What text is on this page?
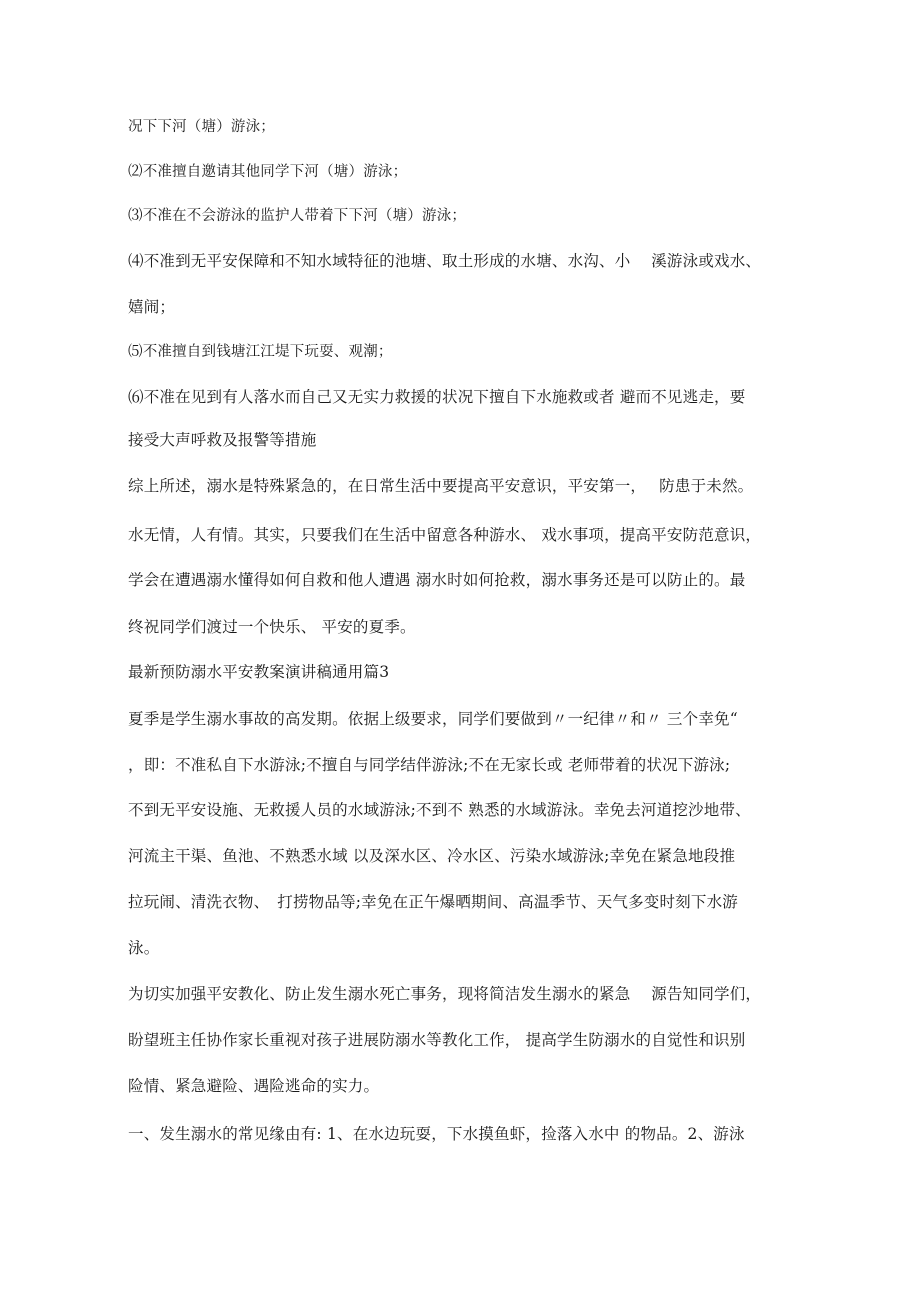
况下下河（塘）游泳；

⑵不准擅自邀请其他同学下河（塘）游泳；

⑶不准在不会游泳的监护人带着下下河（塘）游泳；

⑷不准到无平安保障和不知水域特征的池塘、取土形成的水塘、水沟、小　 溪游泳或戏水、

嬉闹；

⑸不准擅自到钱塘江江堤下玩耍、观潮；

⑹不准在见到有人落水而自己又无实力救援的状况下擅自下水施救或者 避而不见逃走，要

接受大声呼救及报警等措施

综上所述，溺水是特殊紧急的，在日常生活中要提高平安意识，平安第一，　 防患于未然。

水无情，人有情。其实，只要我们在生活中留意各种游水、 戏水事项，提高平安防范意识，

学会在遭遇溺水懂得如何自救和他人遭遇 溺水时如何抢救，溺水事务还是可以防止的。最

终祝同学们渡过一个快乐、 平安的夏季。

最新预防溺水平安教案演讲稿通用篇3

夏季是学生溺水事故的高发期。依据上级要求，同学们要做到〃一纪律〃和〃 三个幸免“

，即：不准私自下水游泳;不擅自与同学结伴游泳;不在无家长或 老师带着的状况下游泳;

不到无平安设施、无救援人员的水域游泳;不到不 熟悉的水域游泳。幸免去河道挖沙地带、

河流主干渠、鱼池、不熟悉水域 以及深水区、冷水区、污染水域游泳;幸免在紧急地段推

拉玩闹、清洗衣物、　打捞物品等;幸免在正午爆晒期间、高温季节、天气多变时刻下水游

泳。

为切实加强平安教化、防止发生溺水死亡事务，现将简洁发生溺水的紧急　 源告知同学们，

盼望班主任协作家长重视对孩子进展防溺水等教化工作， 提高学生防溺水的自觉性和识别

险情、紧急避险、遇险逃命的实力。

一、发生溺水的常见缘由有: 1、在水边玩耍，下水摸鱼虾，捡落入水中 的物品。2、游泳
